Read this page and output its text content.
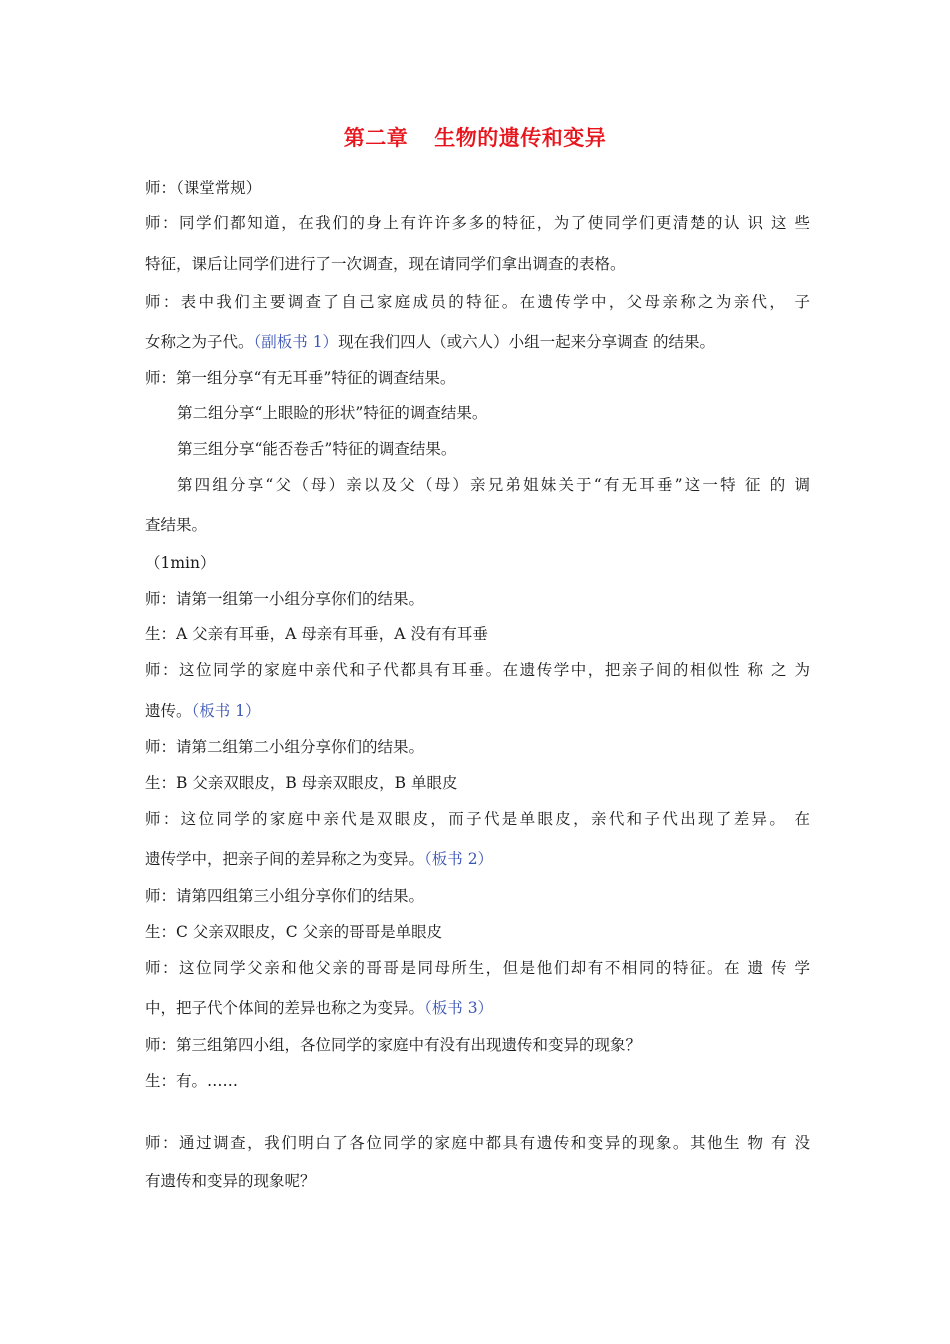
第二章 生物的遗传和变异
师：（课堂常规）
师：同学们都知道，在我们的身上有许许多多的特征，为了使同学们更清楚的认 识 这 些
特征，课后让同学们进行了一次调查，现在请同学们拿出调查的表格。
师：表中我们主要调查了自己家庭成员的特征。在遗传学中，父母亲称之为亲代， 子
女称之为子代。（副板书 1）现在我们四人（或六人）小组一起来分享调查 的结果。
师：第一组分享“有无耳垂”特征的调查结果。
第二组分享“上眼睑的形状”特征的调查结果。
第三组分享“能否卷舌”特征的调查结果。
第四组分享“父（母）亲以及父（母）亲兄弟姐妹关于“有无耳垂”这一特 征 的 调
查结果。
（1min）
师：请第一组第一小组分享你们的结果。
生：A 父亲有耳垂，A 母亲有耳垂，A 没有有耳垂
师：这位同学的家庭中亲代和子代都具有耳垂。在遗传学中，把亲子间的相似性 称 之 为
遗传。（板书 1）
师：请第二组第二小组分享你们的结果。
生：B 父亲双眼皮，B 母亲双眼皮，B 单眼皮
师：这位同学的家庭中亲代是双眼皮，而子代是单眼皮，亲代和子代出现了差异。 在
遗传学中，把亲子间的差异称之为变异。（板书 2）
师：请第四组第三小组分享你们的结果。
生：C 父亲双眼皮，C 父亲的哥哥是单眼皮
师：这位同学父亲和他父亲的哥哥是同母所生，但是他们却有不相同的特征。在 遗 传 学
中，把子代个体间的差异也称之为变异。（板书 3）
师：第三组第四小组，各位同学的家庭中有没有出现遗传和变异的现象？
生：有。……
师：通过调查，我们明白了各位同学的家庭中都具有遗传和变异的现象。其他生 物 有 没
有遗传和变异的现象呢？
